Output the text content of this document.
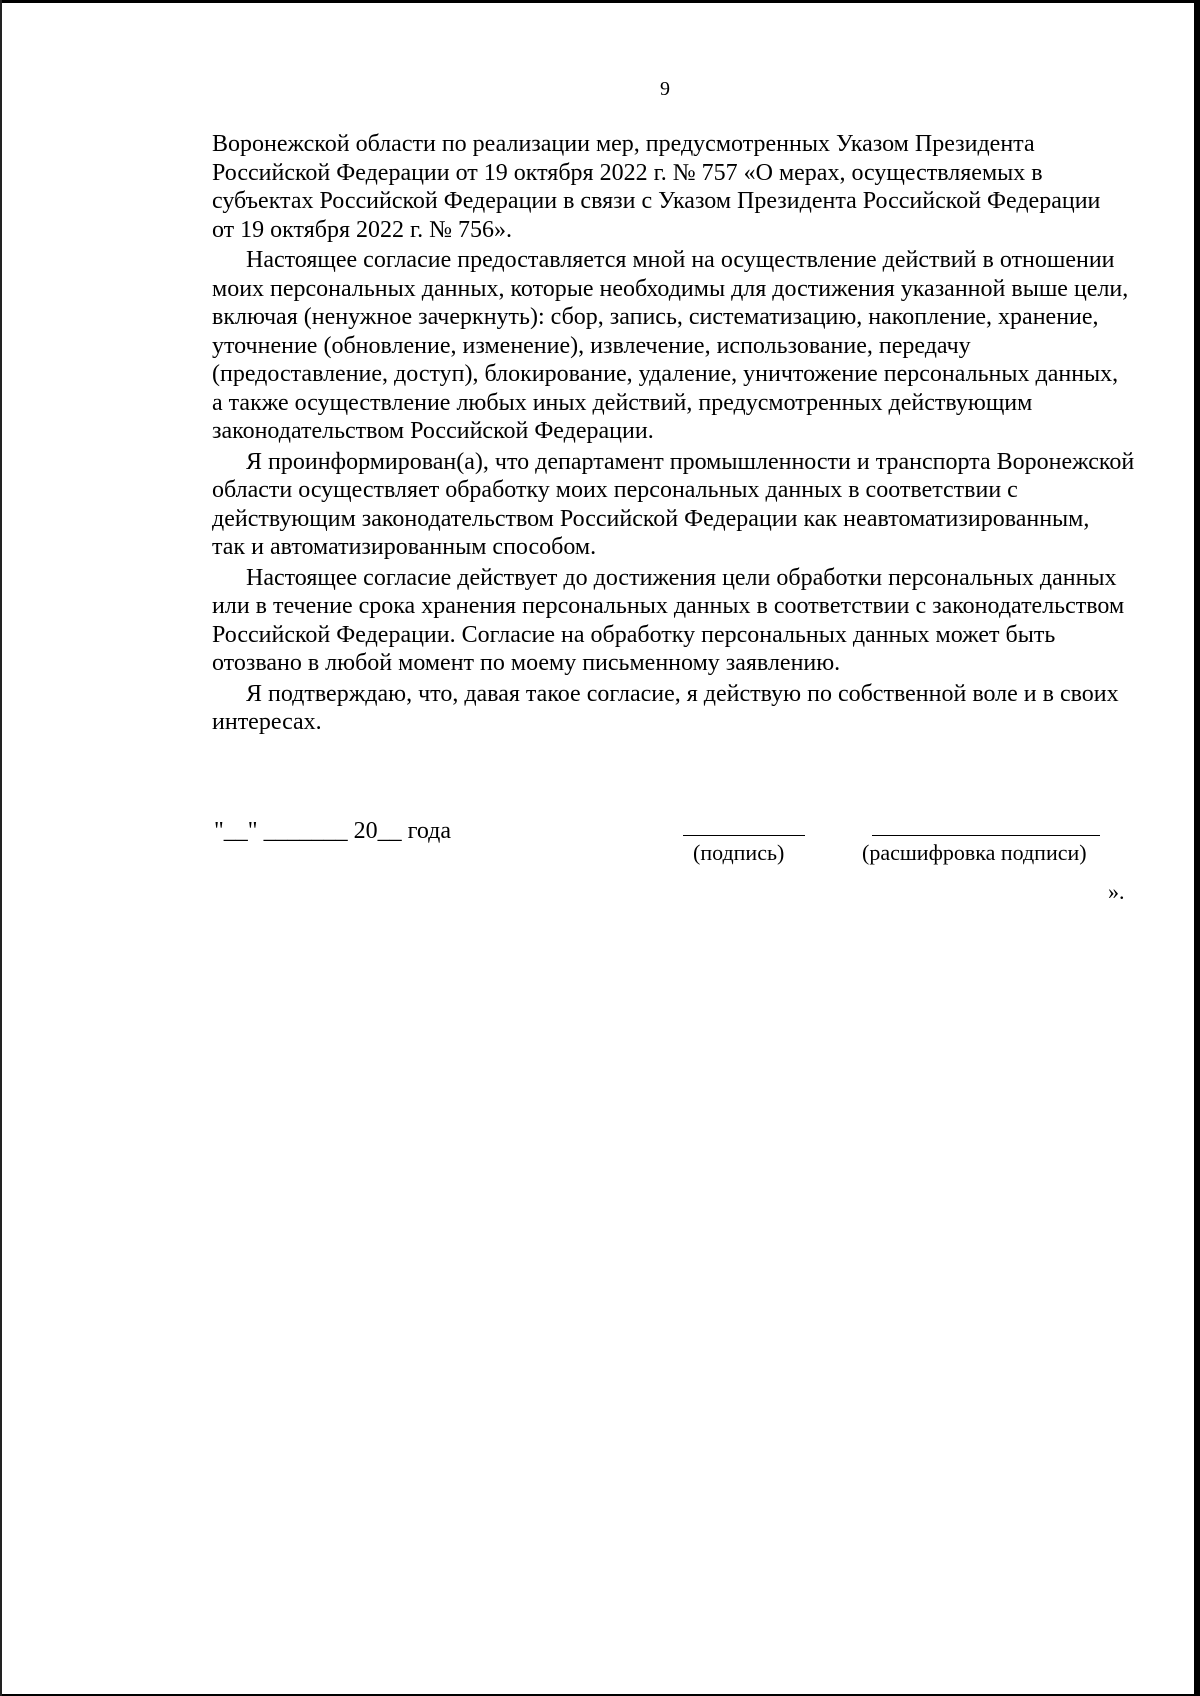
9

Воронежской области по реализации мер, предусмотренных Указом Президента
Российской Федерации от 19 октября 2022 г. № 757 «О мерах, осуществляемых в
субъектах Российской Федерации в связи с Указом Президента Российской Федерации
от 19 октября 2022 г. № 756».

Настоящее согласие предоставляется мной на осуществление действий в отношении
моих персональных данных, которые необходимы для достижения указанной выше цели,
включая (ненужное зачеркнуть): сбор, запись, систематизацию, накопление, хранение,
уточнение (обновление, изменение), извлечение, использование, передачу
(предоставление, доступ), блокирование, удаление, уничтожение персональных данных,
а также осуществление любых иных действий, предусмотренных действующим
законодательством Российской Федерации.

Я проинформирован(а), что департамент промышленности и транспорта Воронежской
области осуществляет обработку моих персональных данных в соответствии с
действующим законодательством Российской Федерации как неавтоматизированным,
так и автоматизированным способом.

Настоящее согласие действует до достижения цели обработки персональных данных
или в течение срока хранения персональных данных в соответствии с законодательством
Российской Федерации. Согласие на обработку персональных данных может быть
отозвано в любой момент по моему письменному заявлению.

Я подтверждаю, что, давая такое согласие, я действую по собственной воле и в своих
интересах.

"__" _______ 20__ года
(подпись)	(расшифровка подписи)
».
